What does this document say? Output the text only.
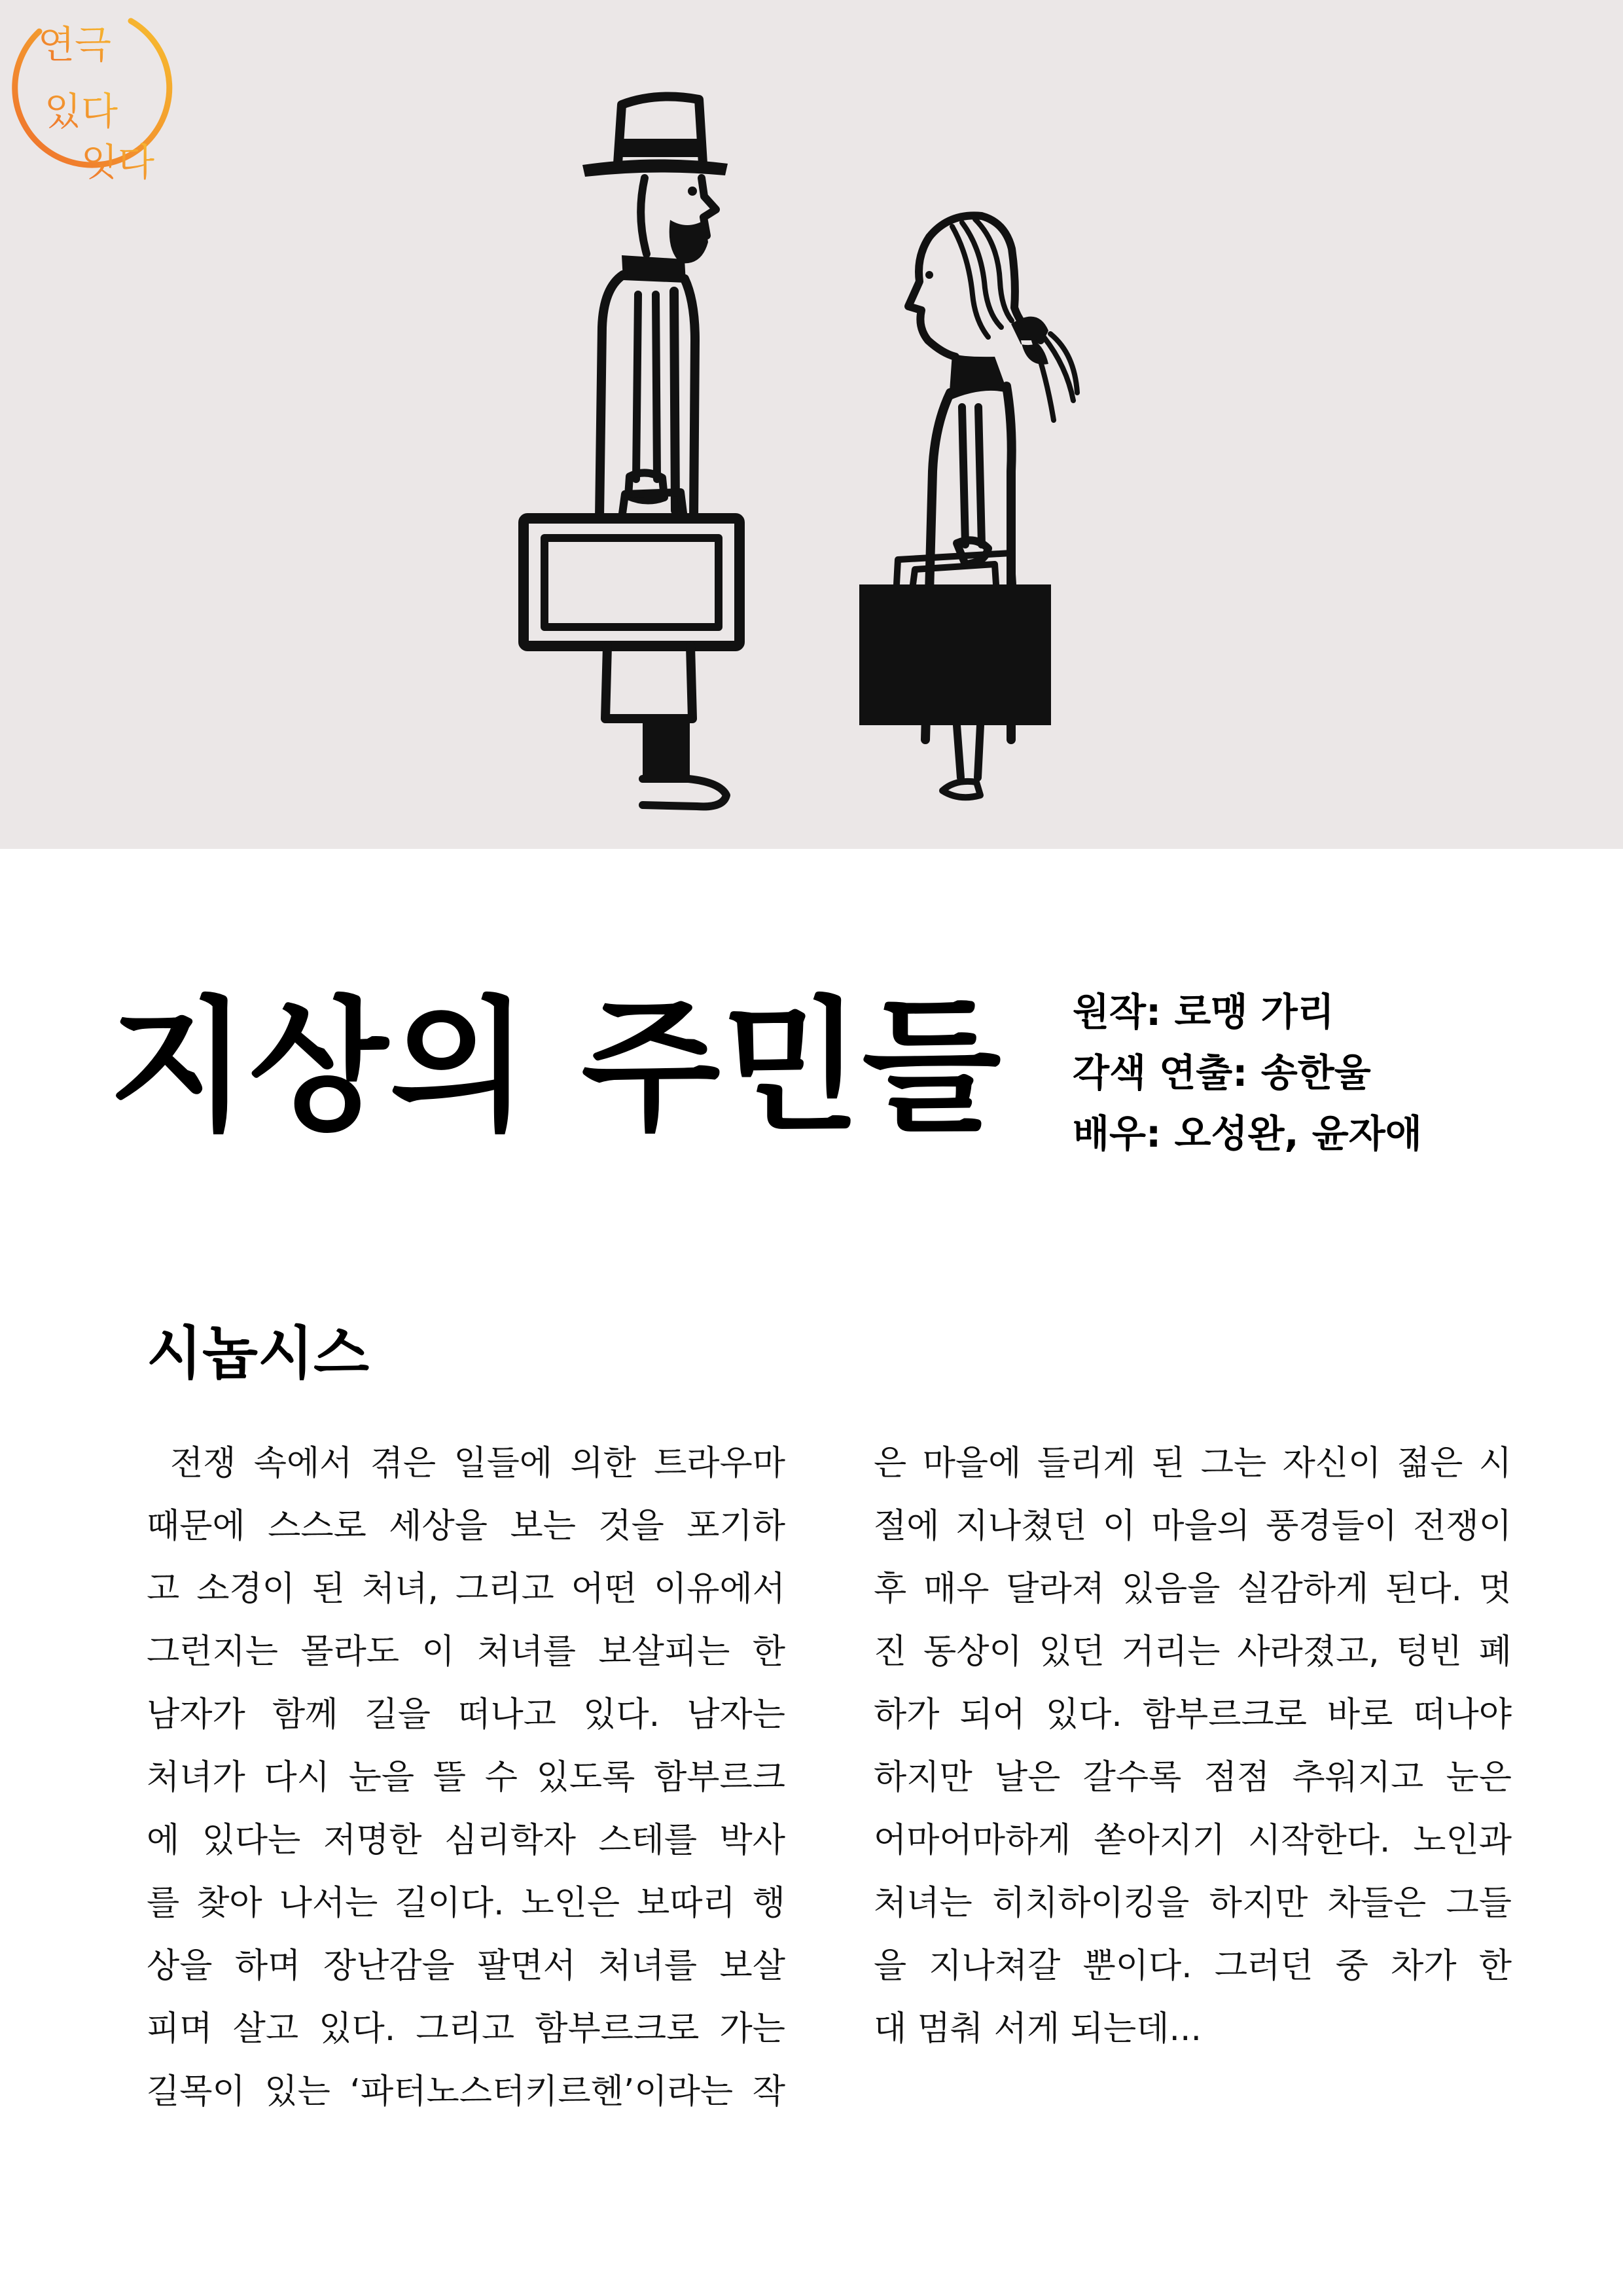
연극
있다
잇다
지상의 주민들 원작: 로맹 가리
각색 연출: 송한울
배우: 오성완, 윤자애
시놉시스
전쟁 속에서 겪은 일들에 의한 트라우마
때문에 스스로 세상을 보는 것을 포기하
고 소경이 된 처녀, 그리고 어떤 이유에서
그런지는 몰라도 이 처녀를 보살피는 한
남자가 함께 길을 떠나고 있다. 남자는
처녀가 다시 눈을 뜰 수 있도록 함부르크
에 있다는 저명한 심리학자 스테를 박사
를 찾아 나서는 길이다. 노인은 보따리 행
상을 하며 장난감을 팔면서 처녀를 보살
피며 살고 있다. 그리고 함부르크로 가는
길목이 있는 ‘파터노스터키르헨’이라는 작
은 마을에 들리게 된 그는 자신이 젊은 시
절에 지나쳤던 이 마을의 풍경들이 전쟁이
후 매우 달라져 있음을 실감하게 된다. 멋
진 동상이 있던 거리는 사라졌고, 텅빈 폐
하가 되어 있다. 함부르크로 바로 떠나야
하지만 날은 갈수록 점점 추워지고 눈은
어마어마하게 쏟아지기 시작한다. 노인과
처녀는 히치하이킹을 하지만 차들은 그들
을 지나쳐갈 뿐이다. 그러던 중 차가 한
대 멈춰 서게 되는데...
